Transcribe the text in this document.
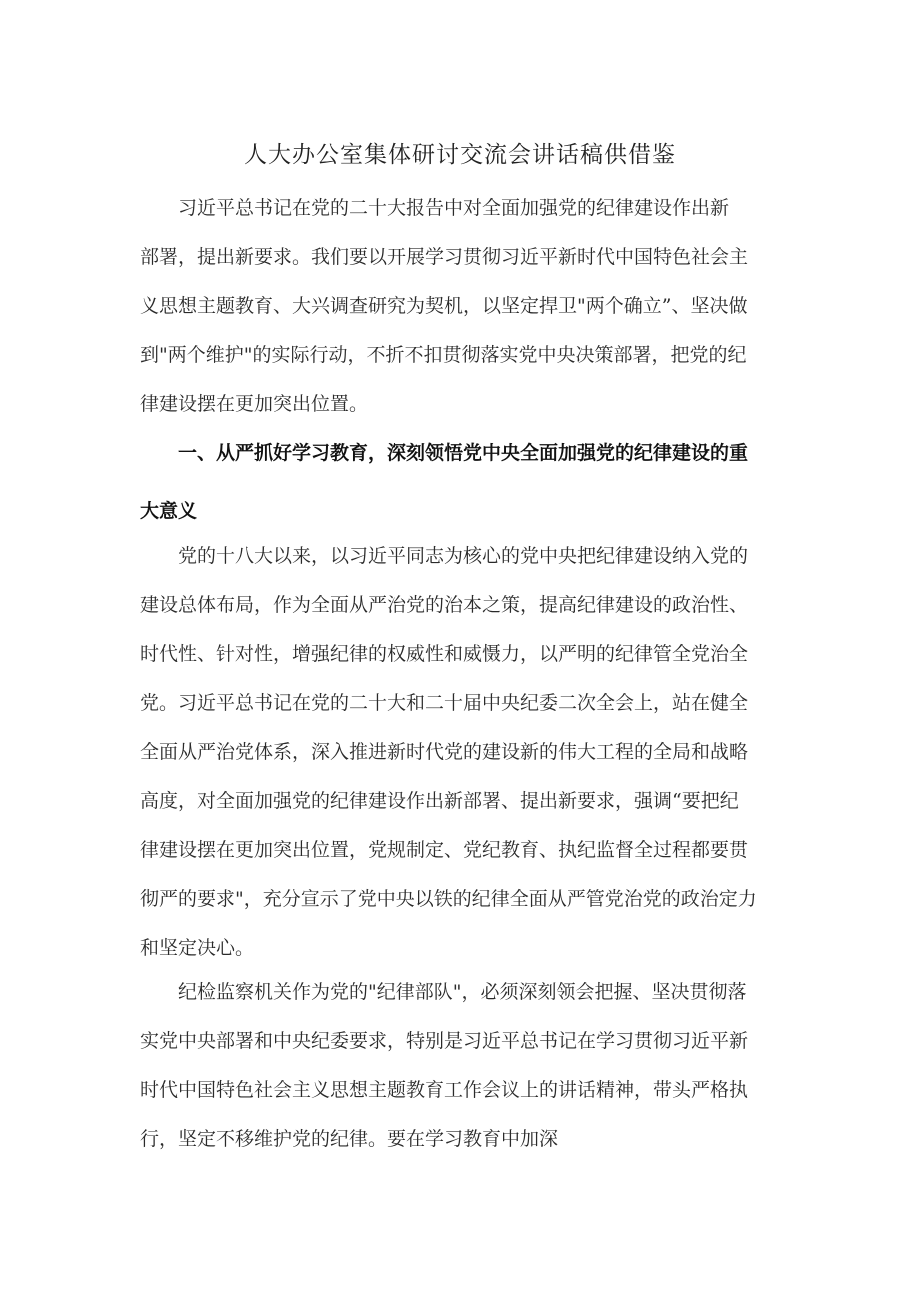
人大办公室集体研讨交流会讲话稿供借鉴
习近平总书记在党的二十大报告中对全面加强党的纪律建设作出新
部署，提出新要求。我们要以开展学习贯彻习近平新时代中国特色社会主
义思想主题教育、大兴调查研究为契机，以坚定捍卫"两个确立”、坚决做
到"两个维护"的实际行动，不折不扣贯彻落实党中央决策部署，把党的纪
律建设摆在更加突出位置。
一、从严抓好学习教育，深刻领悟党中央全面加强党的纪律建设的重
大意义
党的十八大以来，以习近平同志为核心的党中央把纪律建设纳入党的
建设总体布局，作为全面从严治党的治本之策，提高纪律建设的政治性、
时代性、针对性，增强纪律的权威性和威慑力，以严明的纪律管全党治全
党。习近平总书记在党的二十大和二十届中央纪委二次全会上，站在健全
全面从严治党体系，深入推进新时代党的建设新的伟大工程的全局和战略
高度，对全面加强党的纪律建设作出新部署、提出新要求，强调“要把纪
律建设摆在更加突出位置，党规制定、党纪教育、执纪监督全过程都要贯
彻严的要求"，充分宣示了党中央以铁的纪律全面从严管党治党的政治定力
和坚定决心。
纪检监察机关作为党的"纪律部队"，必须深刻领会把握、坚决贯彻落
实党中央部署和中央纪委要求，特别是习近平总书记在学习贯彻习近平新
时代中国特色社会主义思想主题教育工作会议上的讲话精神，带头严格执
行，坚定不移维护党的纪律。要在学习教育中加深
